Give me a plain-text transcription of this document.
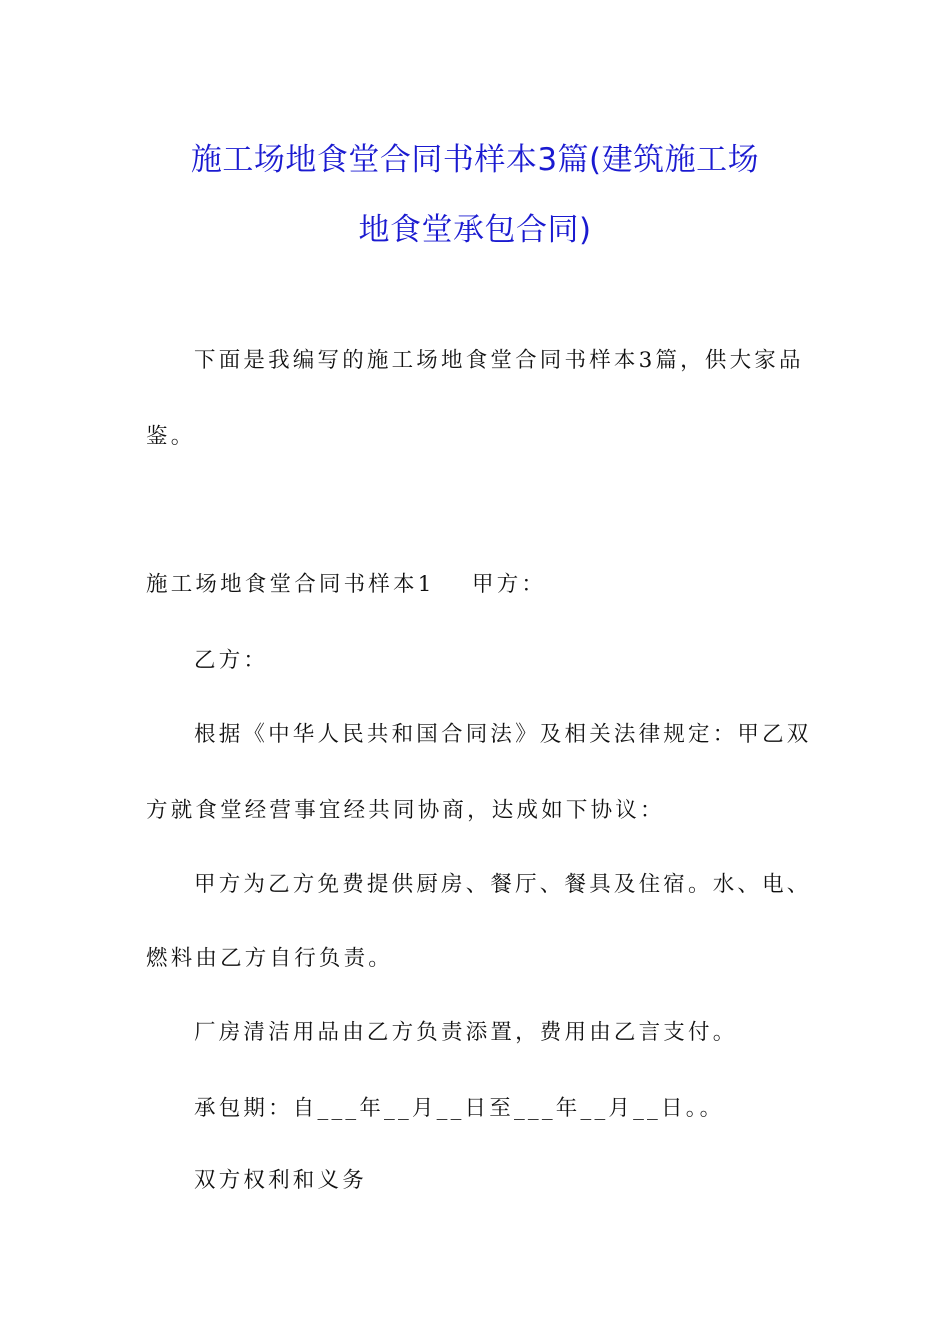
施工场地食堂合同书样本3篇(建筑施工场
地食堂承包合同)
下面是我编写的施工场地食堂合同书样本3篇，供大家品
鉴。
施工场地食堂合同书样本1 甲方：
乙方：
根据《中华人民共和国合同法》及相关法律规定：甲乙双
方就食堂经营事宜经共同协商，达成如下协议：
甲方为乙方免费提供厨房、餐厅、餐具及住宿。水、电、
燃料由乙方自行负责。
厂房清洁用品由乙方负责添置，费用由乙言支付。
承包期：自___年__月__日至___年__月__日。。
双方权利和义务
